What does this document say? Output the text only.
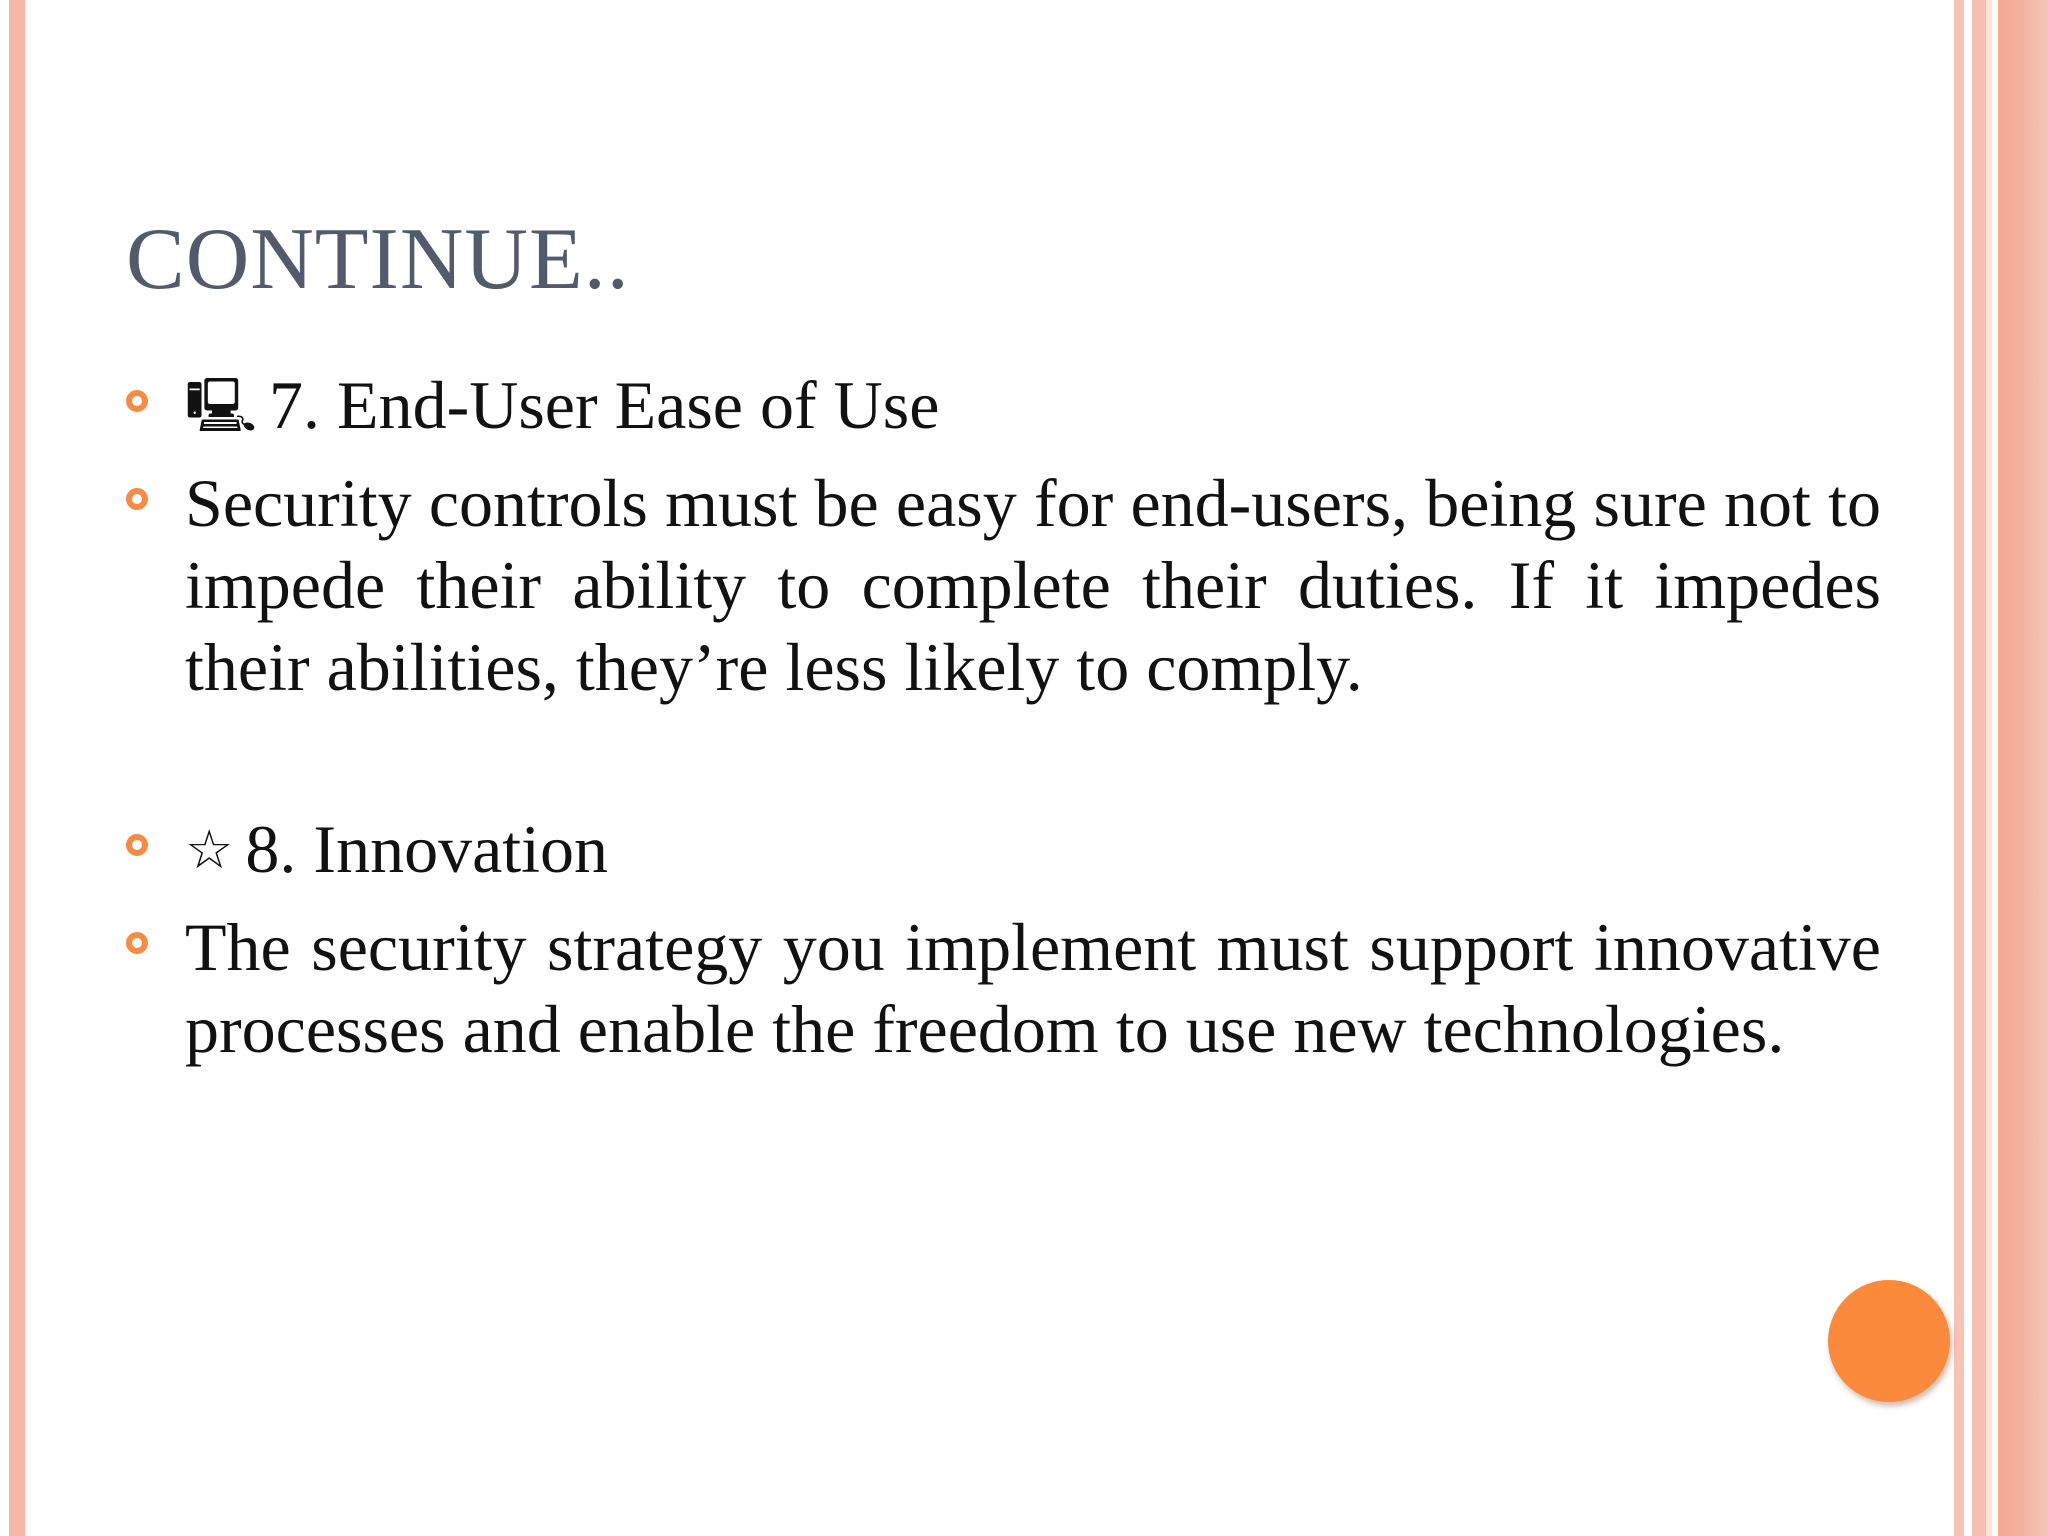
CONTINUE..

🖳 7. End-User Ease of Use

Security controls must be easy for end-users, being sure not to impede their ability to complete their duties. If it impedes their abilities, they’re less likely to comply.

☆ 8. Innovation

The security strategy you implement must support innovative processes and enable the freedom to use new technologies.
